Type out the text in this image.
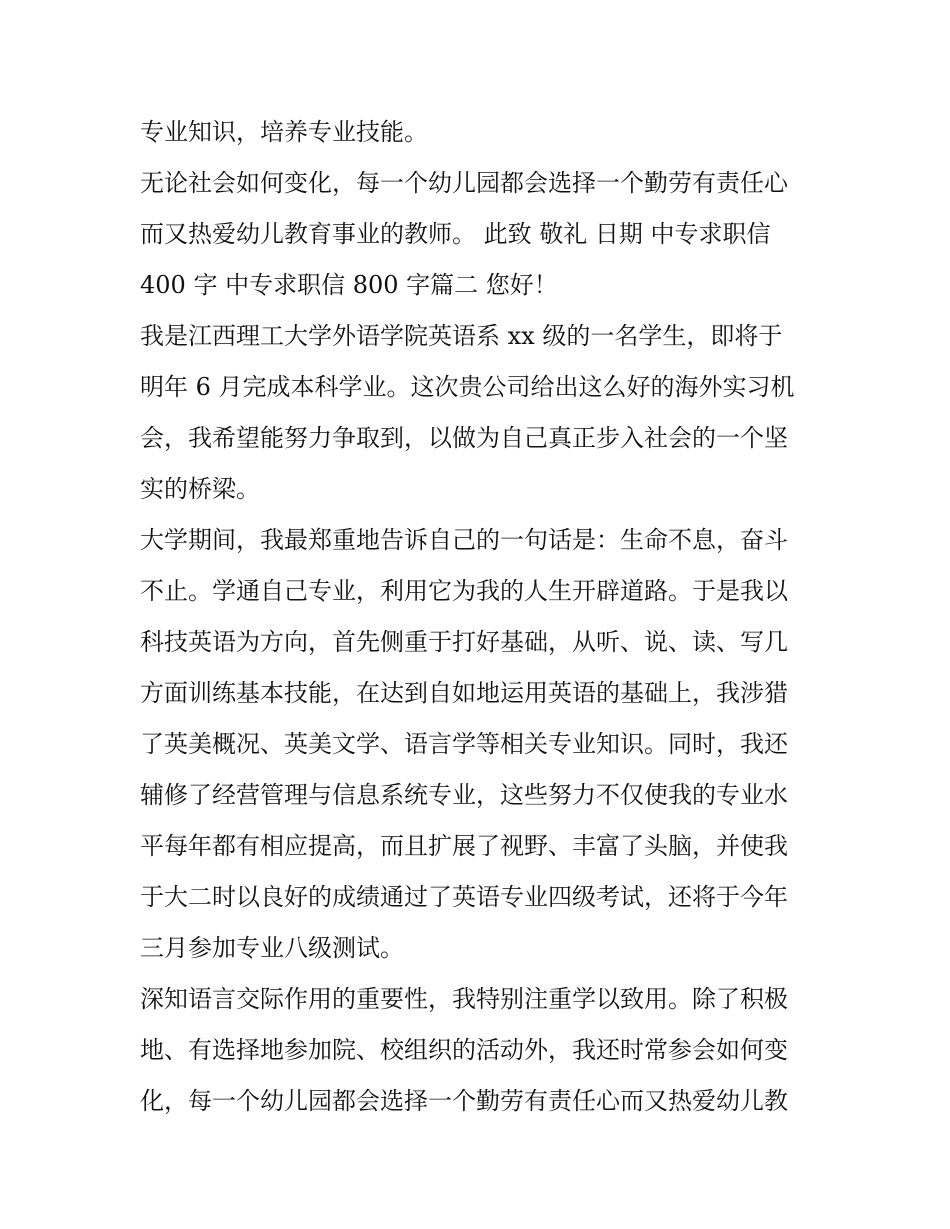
专业知识，培养专业技能。
无论社会如何变化，每一个幼儿园都会选择一个勤劳有责任心
而又热爱幼儿教育事业的教师。 此致 敬礼 日期 中专求职信
400 字 中专求职信 800 字篇二 您好！
我是江西理工大学外语学院英语系 xx 级的一名学生，即将于
明年 6 月完成本科学业。这次贵公司给出这么好的海外实习机
会，我希望能努力争取到，以做为自己真正步入社会的一个坚
实的桥梁。
大学期间，我最郑重地告诉自己的一句话是：生命不息，奋斗
不止。学通自己专业，利用它为我的人生开辟道路。于是我以
科技英语为方向，首先侧重于打好基础，从听、说、读、写几
方面训练基本技能，在达到自如地运用英语的基础上，我涉猎
了英美概况、英美文学、语言学等相关专业知识。同时，我还
辅修了经营管理与信息系统专业，这些努力不仅使我的专业水
平每年都有相应提高，而且扩展了视野、丰富了头脑，并使我
于大二时以良好的成绩通过了英语专业四级考试，还将于今年
三月参加专业八级测试。
深知语言交际作用的重要性，我特别注重学以致用。除了积极
地、有选择地参加院、校组织的活动外，我还时常参会如何变
化，每一个幼儿园都会选择一个勤劳有责任心而又热爱幼儿教
